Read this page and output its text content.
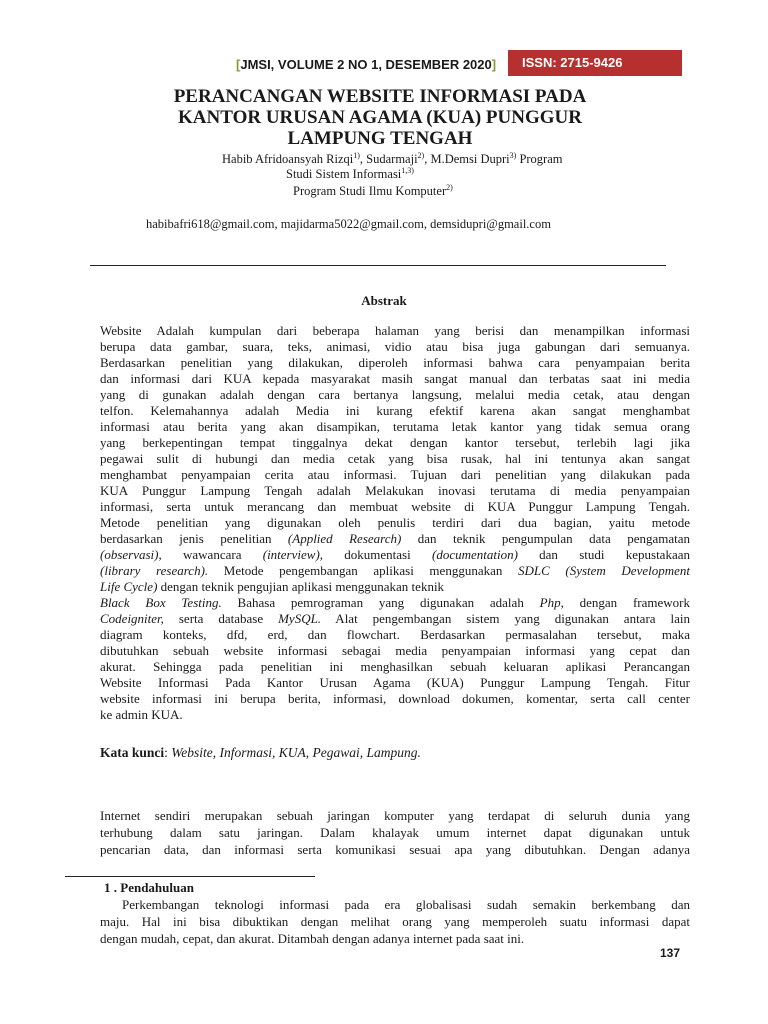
[JMSI, VOLUME 2 NO 1, DESEMBER 2020]	ISSN: 2715-9426
PERANCANGAN WEBSITE INFORMASI PADA
KANTOR URUSAN AGAMA (KUA) PUNGGUR
LAMPUNG TENGAH
Habib Afridoansyah Rizqi$^{1)}$, Sudarmaji$^{2)}$, M.Demsi Dupri$^{3)}$ Program
Studi Sistem Informasi$^{1,3)}$
Program Studi Ilmu Komputer$^{2)}$
habibafri618@gmail.com, majidarma5022@gmail.com, demsidupri@gmail.com
Abstrak
Website Adalah kumpulan dari beberapa halaman yang berisi dan menampilkan informasi
berupa data gambar, suara, teks, animasi, vidio atau bisa juga gabungan dari semuanya.
Berdasarkan penelitian yang dilakukan, diperoleh informasi bahwa cara penyampaian berita
dan informasi dari KUA kepada masyarakat masih sangat manual dan terbatas saat ini media
yang di gunakan adalah dengan cara bertanya langsung, melalui media cetak, atau dengan
telfon. Kelemahannya adalah Media ini kurang efektif karena akan sangat menghambat
informasi atau berita yang akan disampikan, terutama letak kantor yang tidak semua orang
yang berkepentingan tempat tinggalnya dekat dengan kantor tersebut, terlebih lagi jika
pegawai sulit di hubungi dan media cetak yang bisa rusak, hal ini tentunya akan sangat
menghambat penyampaian cerita atau informasi. Tujuan dari penelitian yang dilakukan pada
KUA Punggur Lampung Tengah adalah Melakukan inovasi terutama di media penyampaian
informasi, serta untuk merancang dan membuat website di KUA Punggur Lampung Tengah.
Metode penelitian yang digunakan oleh penulis terdiri dari dua bagian, yaitu metode
berdasarkan jenis penelitian (Applied Research) dan teknik pengumpulan data pengamatan
(observasi), wawancara (interview), dokumentasi (documentation) dan studi kepustakaan
(library research). Metode pengembangan aplikasi menggunakan SDLC (System Development
Life Cycle) dengan teknik pengujian aplikasi menggunakan teknik
Black Box Testing. Bahasa pemrograman yang digunakan adalah Php, dengan framework
Codeigniter, serta database MySQL. Alat pengembangan sistem yang digunakan antara lain
diagram konteks, dfd, erd, dan flowchart. Berdasarkan permasalahan tersebut, maka
dibutuhkan sebuah website informasi sebagai media penyampaian informasi yang cepat dan
akurat. Sehingga pada penelitian ini menghasilkan sebuah keluaran aplikasi Perancangan
Website Informasi Pada Kantor Urusan Agama (KUA) Punggur Lampung Tengah. Fitur
website informasi ini berupa berita, informasi, download dokumen, komentar, serta call center
ke admin KUA.
Kata kunci: Website, Informasi, KUA, Pegawai, Lampung.
Internet sendiri merupakan sebuah jaringan komputer yang terdapat di seluruh dunia yang
terhubung dalam satu jaringan. Dalam khalayak umum internet dapat digunakan untuk
pencarian data, dan informasi serta komunikasi sesuai apa yang dibutuhkan. Dengan adanya
1 . Pendahuluan
Perkembangan teknologi informasi pada era globalisasi sudah semakin berkembang dan
maju. Hal ini bisa dibuktikan dengan melihat orang yang memperoleh suatu informasi dapat
dengan mudah, cepat, dan akurat. Ditambah dengan adanya internet pada saat ini.
137
